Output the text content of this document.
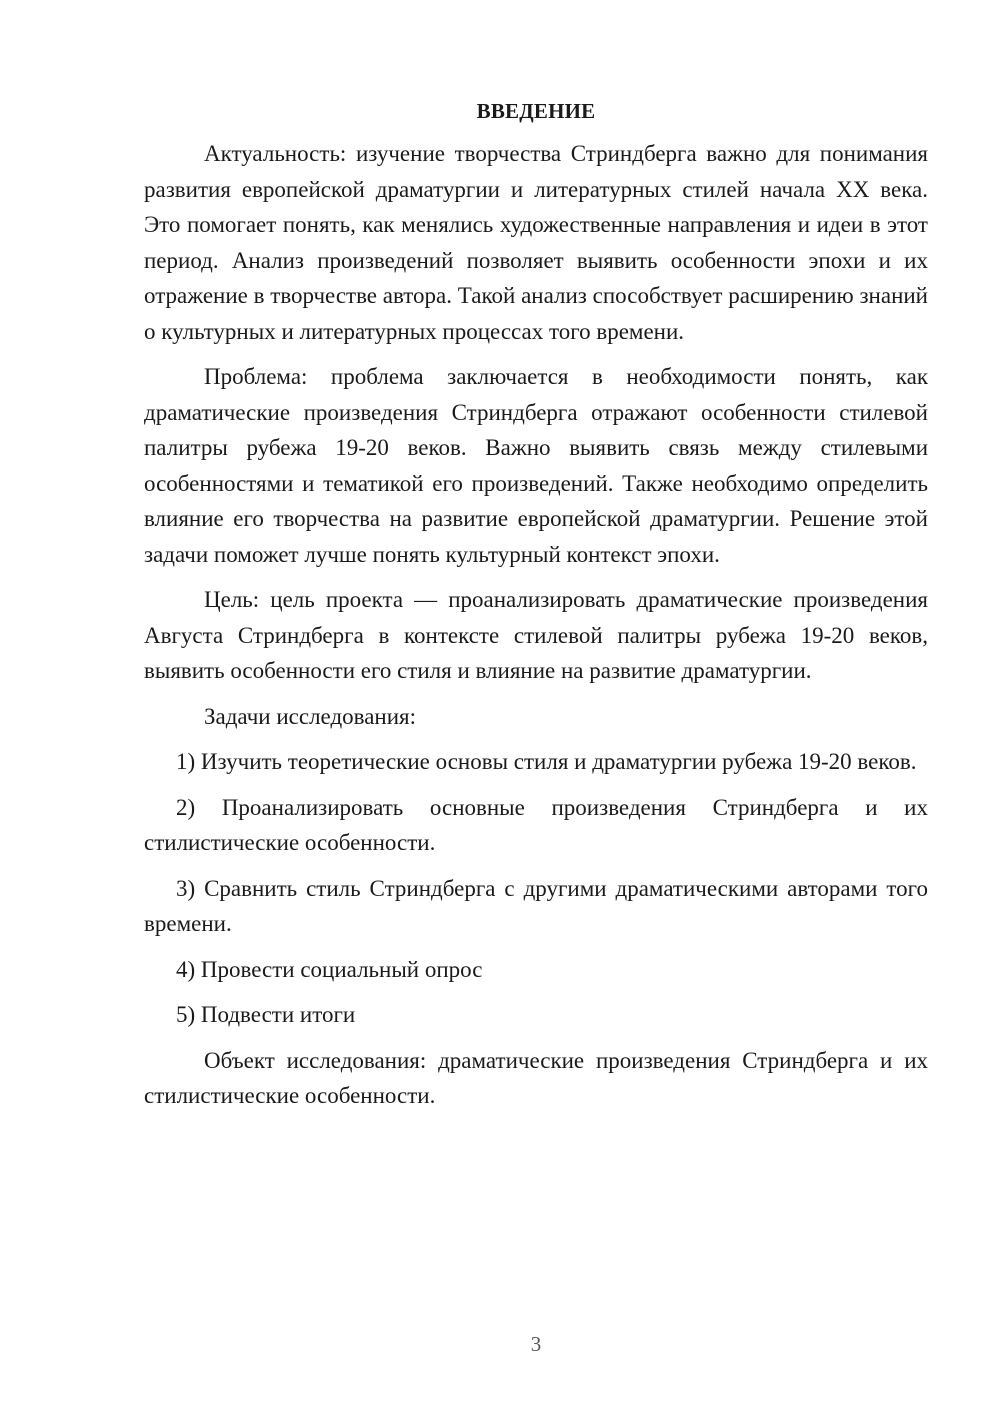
ВВЕДЕНИЕ

Актуальность: изучение творчества Стриндберга важно для понимания развития европейской драматургии и литературных стилей начала XX века. Это помогает понять, как менялись художественные направления и идеи в этот период. Анализ произведений позволяет выявить особенности эпохи и их отражение в творчестве автора. Такой анализ способствует расширению знаний о культурных и литературных процессах того времени.

Проблема: проблема заключается в необходимости понять, как драматические произведения Стриндберга отражают особенности стилевой палитры рубежа 19-20 веков. Важно выявить связь между стилевыми особенностями и тематикой его произведений. Также необходимо определить влияние его творчества на развитие европейской драматургии. Решение этой задачи поможет лучше понять культурный контекст эпохи.

Цель: цель проекта — проанализировать драматические произведения Августа Стриндберга в контексте стилевой палитры рубежа 19-20 веков, выявить особенности его стиля и влияние на развитие драматургии.

Задачи исследования:

1) Изучить теоретические основы стиля и драматургии рубежа 19-20 веков.

2) Проанализировать основные произведения Стриндберга и их стилистические особенности.

3) Сравнить стиль Стриндберга с другими драматическими авторами того времени.

4) Провести социальный опрос

5) Подвести итоги

Объект исследования: драматические произведения Стриндберга и их стилистические особенности.

3
